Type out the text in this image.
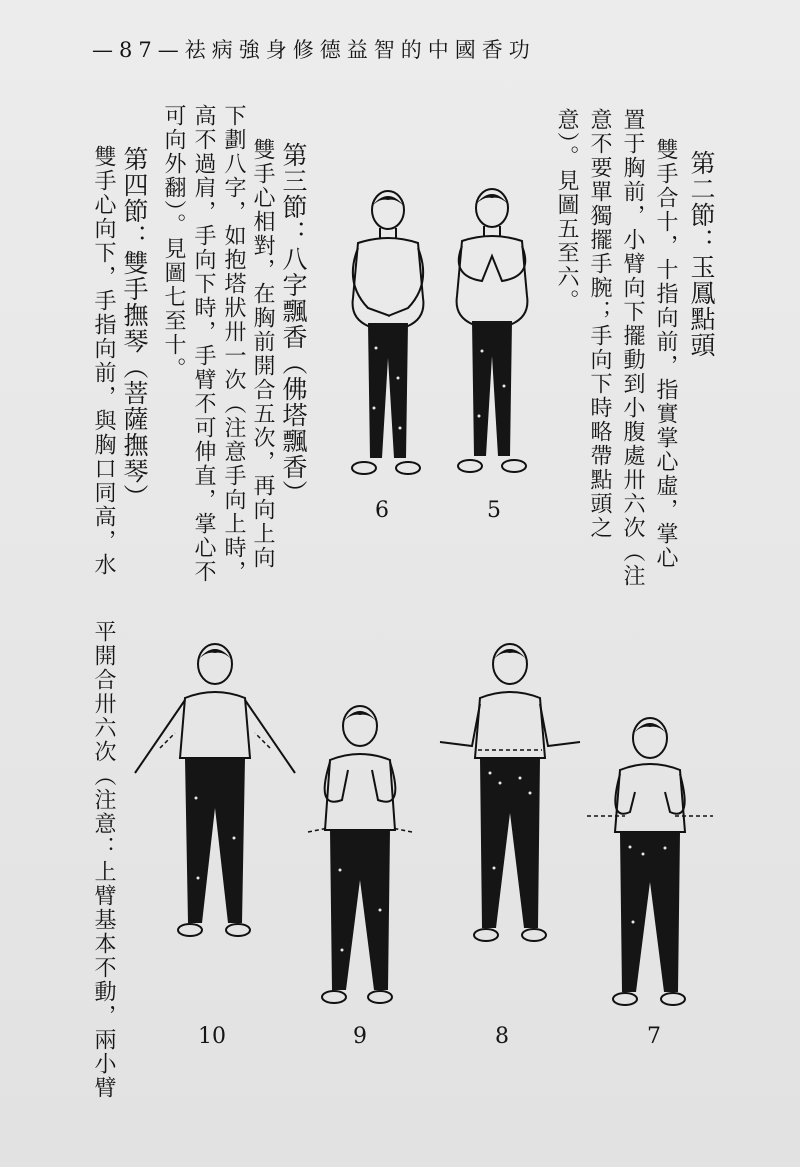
—87—祛病強身修德益智的中國香功
第二節：玉鳳點頭
雙手合十，十指向前，指實掌心虛，掌心
置于胸前，小臂向下擺動到小腹處卅六次（注
意不要單獨擺手腕；手向下時略帶點頭之
意）。見圖五至六。
第三節：八字飄香（佛塔飄香）
雙手心相對，在胸前開合五次，再向上向
下劃八字，如抱塔狀卅一次（注意手向上時，
高不過肩，手向下時，手臂不可伸直，掌心不
可向外翻）。見圖七至十。
第四節：雙手撫琴（菩薩撫琴）
雙手心向下，手指向前，與胸口同高，水
平開合卅六次（注意：上臂基本不動，兩小臂
6	5
10	9	8	7
